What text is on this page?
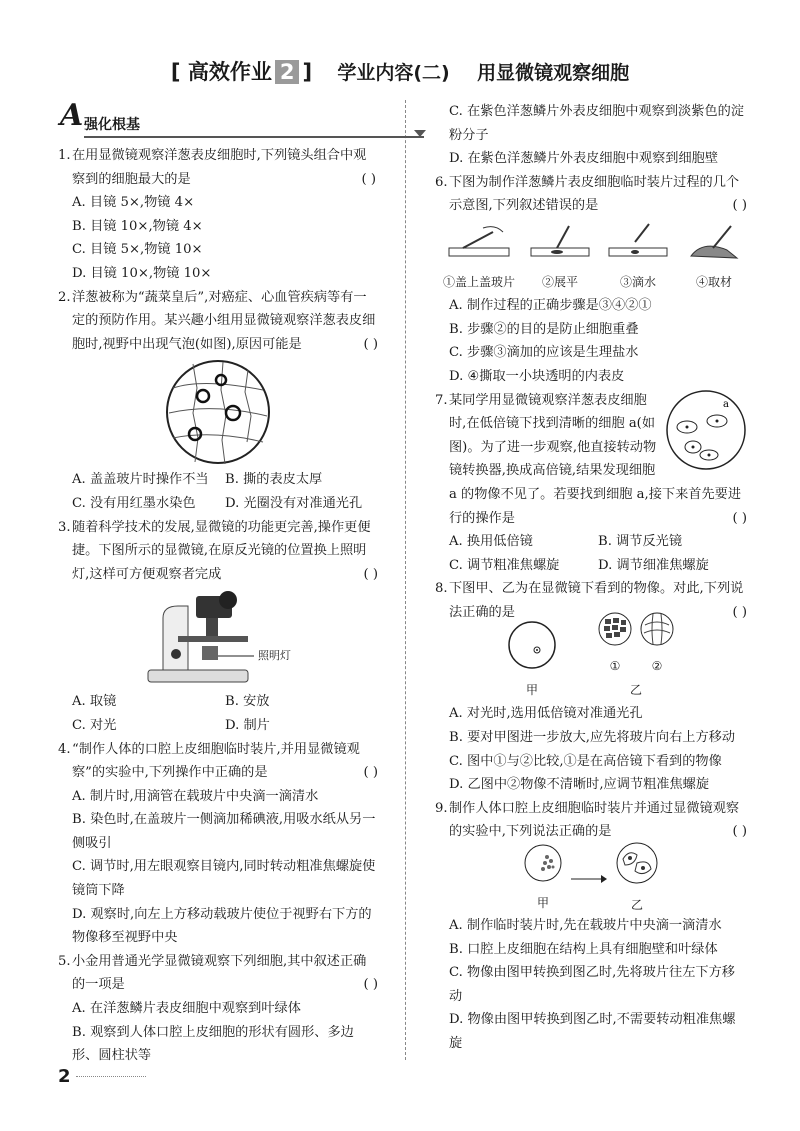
[ 高效作业 2 ] 学业内容(二) 用显微镜观察细胞
A 强化根基
1. 在用显微镜观察洋葱表皮细胞时,下列镜头组合中观察到的细胞最大的是	( )
A. 目镜 5×,物镜 4×
B. 目镜 10×,物镜 4×
C. 目镜 5×,物镜 10×
D. 目镜 10×,物镜 10×
2. 洋葱被称为“蔬菜皇后”,对癌症、心血管疾病等有一定的预防作用。某兴趣小组用显微镜观察洋葱表皮细胞时,视野中出现气泡(如图),原因可能是	( )
A. 盖盖玻片时操作不当	B. 撕的表皮太厚
C. 没有用红墨水染色	D. 光圈没有对准通光孔
3. 随着科学技术的发展,显微镜的功能更完善,操作更便捷。下图所示的显微镜,在原反光镜的位置换上照明灯,这样可方便观察者完成	( )
照明灯
A. 取镜	B. 安放
C. 对光	D. 制片
4. “制作人体的口腔上皮细胞临时装片,并用显微镜观察”的实验中,下列操作中正确的是	( )
A. 制片时,用滴管在载玻片中央滴一滴清水
B. 染色时,在盖玻片一侧滴加稀碘液,用吸水纸从另一侧吸引
C. 调节时,用左眼观察目镜内,同时转动粗准焦螺旋使镜筒下降
D. 观察时,向左上方移动载玻片使位于视野右下方的物像移至视野中央
5. 小金用普通光学显微镜观察下列细胞,其中叙述正确的一项是	( )
A. 在洋葱鳞片表皮细胞中观察到叶绿体
B. 观察到人体口腔上皮细胞的形状有圆形、多边形、圆柱状等
C. 在紫色洋葱鳞片外表皮细胞中观察到淡紫色的淀粉分子
D. 在紫色洋葱鳞片外表皮细胞中观察到细胞壁
6. 下图为制作洋葱鳞片表皮细胞临时装片过程的几个示意图,下列叙述错误的是	( )
①盖上盖玻片	②展平	③滴水	④取材
A. 制作过程的正确步骤是③④②①
B. 步骤②的目的是防止细胞重叠
C. 步骤③滴加的应该是生理盐水
D. ④撕取一小块透明的内表皮
7.	a
某同学用显微镜观察洋葱表皮细胞时,在低倍镜下找到清晰的细胞 a(如图)。为了进一步观察,他直接转动物镜转换器,换成高倍镜,结果发现细胞 a 的物像不见了。若要找到细胞 a,接下来首先要进行的操作是	( )
A. 换用低倍镜	B. 调节反光镜
C. 调节粗准焦螺旋	D. 调节细准焦螺旋
8. 下图甲、乙为在显微镜下看到的物像。对此,下列说法正确的是	( )
甲
①	②
乙
A. 对光时,选用低倍镜对准通光孔
B. 要对甲图进一步放大,应先将玻片向右上方移动
C. 图中①与②比较,①是在高倍镜下看到的物像
D. 乙图中②物像不清晰时,应调节粗准焦螺旋
9. 制作人体口腔上皮细胞临时装片并通过显微镜观察的实验中,下列说法正确的是	( )
甲	乙
A. 制作临时装片时,先在载玻片中央滴一滴清水
B. 口腔上皮细胞在结构上具有细胞壁和叶绿体
C. 物像由图甲转换到图乙时,先将玻片往左下方移动
D. 物像由图甲转换到图乙时,不需要转动粗准焦螺旋
2
